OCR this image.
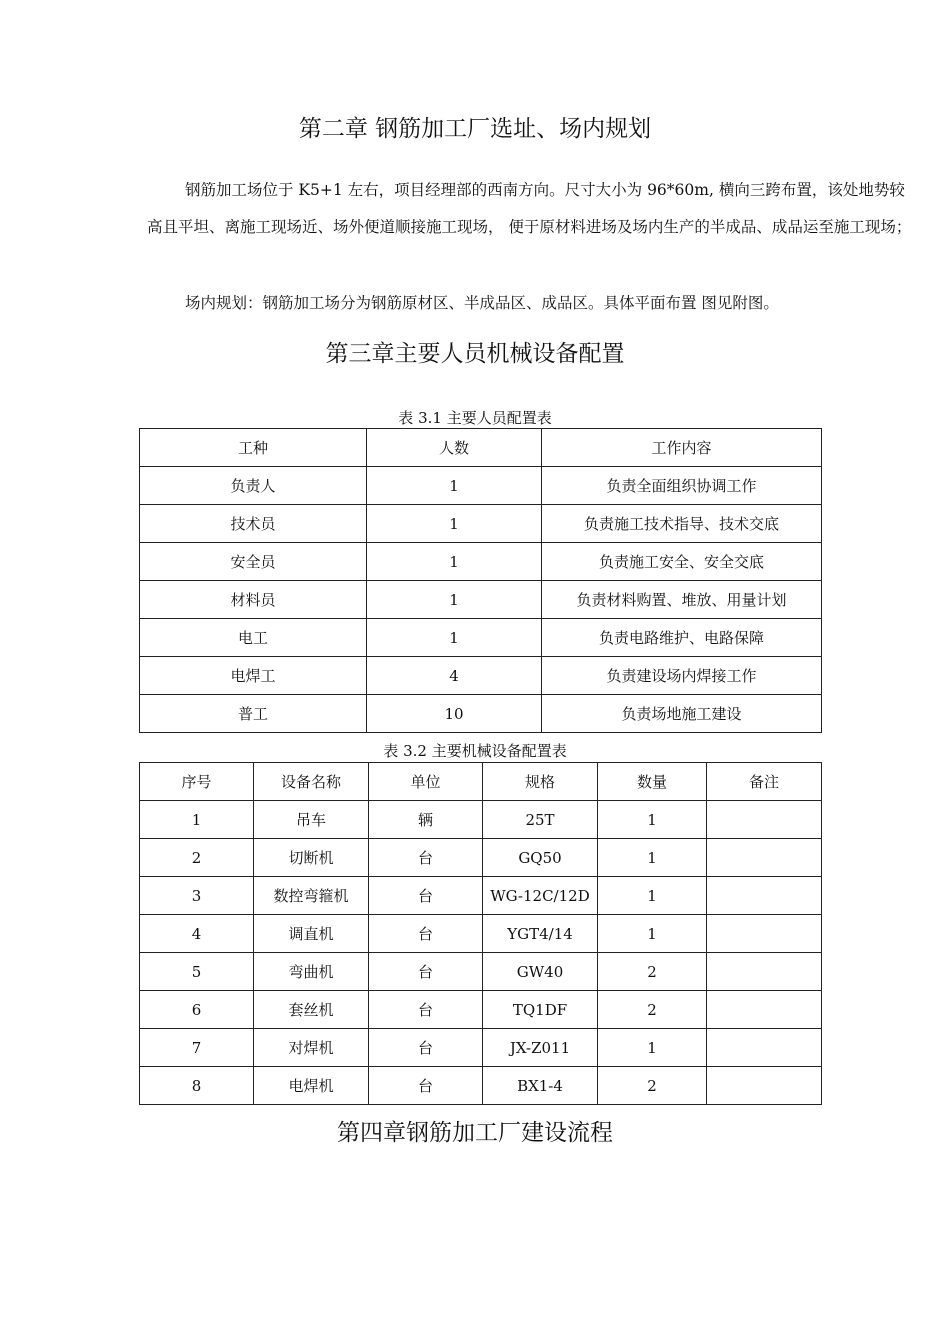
第二章 钢筋加工厂选址、场内规划

钢筋加工场位于 K5+1 左右，项目经理部的西南方向。尺寸大小为 96*60m, 横向三跨布置，该处地势较高且平坦、离施工现场近、场外便道顺接施工现场， 便于原材料进场及场内生产的半成品、成品运至施工现场；

场内规划：钢筋加工场分为钢筋原材区、半成品区、成品区。具体平面布置 图见附图。

第三章主要人员机械设备配置

表 3.1 主要人员配置表

工种	人数	工作内容
负责人	1	负责全面组织协调工作
技术员	1	负责施工技术指导、技术交底
安全员	1	负责施工安全、安全交底
材料员	1	负责材料购置、堆放、用量计划
电工	1	负责电路维护、电路保障
电焊工	4	负责建设场内焊接工作
普工	10	负责场地施工建设

表 3.2 主要机械设备配置表

序号	设备名称	单位	规格	数量	备注
1	吊车	辆	25T	1	
2	切断机	台	GQ50	1	
3	数控弯箍机	台	WG-12C/12D	1	
4	调直机	台	YGT4/14	1	
5	弯曲机	台	GW40	2	
6	套丝机	台	TQ1DF	2	
7	对焊机	台	JX-Z011	1	
8	电焊机	台	BX1-4	2	
第四章钢筋加工厂建设流程
